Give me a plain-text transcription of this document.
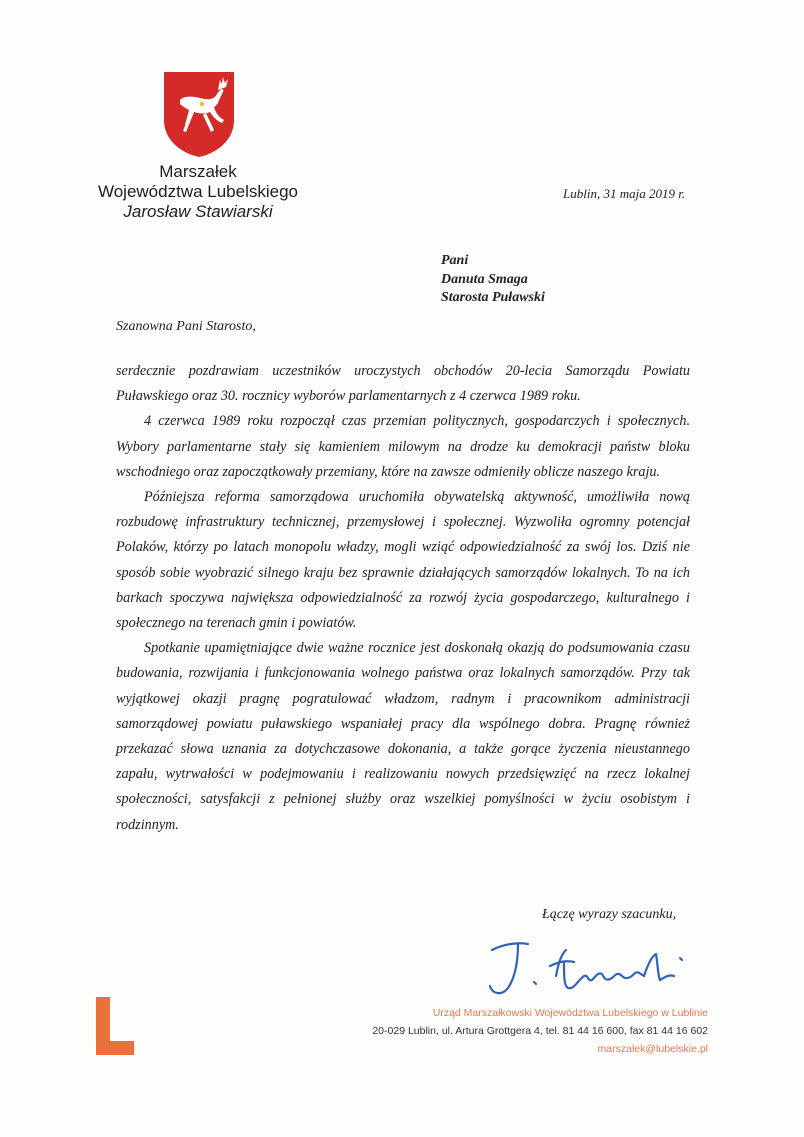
Marszałek
Województwa Lubelskiego
Jarosław Stawiarski
Lublin, 31 maja 2019 r.
Pani
Danuta Smaga
Starosta Puławski
Szanowna Pani Starosto,

serdecznie pozdrawiam uczestników uroczystych obchodów 20-lecia Samorządu Powiatu Puławskiego oraz 30. rocznicy wyborów parlamentarnych z 4 czerwca 1989 roku.

4 czerwca 1989 roku rozpoczął czas przemian politycznych, gospodarczych i społecznych. Wybory parlamentarne stały się kamieniem milowym na drodze ku demokracji państw bloku wschodniego oraz zapoczątkowały przemiany, które na zawsze odmieniły oblicze naszego kraju.

Późniejsza reforma samorządowa uruchomiła obywatelską aktywność, umożliwiła nową rozbudowę infrastruktury technicznej, przemysłowej i społecznej. Wyzwoliła ogromny potencjał Polaków, którzy po latach monopolu władzy, mogli wziąć odpowiedzialność za swój los. Dziś nie sposób sobie wyobrazić silnego kraju bez sprawnie działających samorządów lokalnych. To na ich barkach spoczywa największa odpowiedzialność za rozwój życia gospodarczego, kulturalnego i społecznego na terenach gmin i powiatów.

Spotkanie upamiętniające dwie ważne rocznice jest doskonałą okazją do podsumowania czasu budowania, rozwijania i funkcjonowania wolnego państwa oraz lokalnych samorządów. Przy tak wyjątkowej okazji pragnę pogratulować władzom, radnym i pracownikom administracji samorządowej powiatu puławskiego wspaniałej pracy dla wspólnego dobra. Pragnę również przekazać słowa uznania za dotychczasowe dokonania, a także gorące życzenia nieustannego zapału, wytrwałości w podejmowaniu i realizowaniu nowych przedsięwzięć na rzecz lokalnej społeczności, satysfakcji z pełnionej służby oraz wszelkiej pomyślności w życiu osobistym i rodzinnym.

Łączę wyrazy szacunku,
Urząd Marszałkowski Województwa Lubelskiego w Lublinie
20-029 Lublin, ul. Artura Grottgera 4, tel. 81 44 16 600, fax 81 44 16 602
marszalek@lubelskie.pl
